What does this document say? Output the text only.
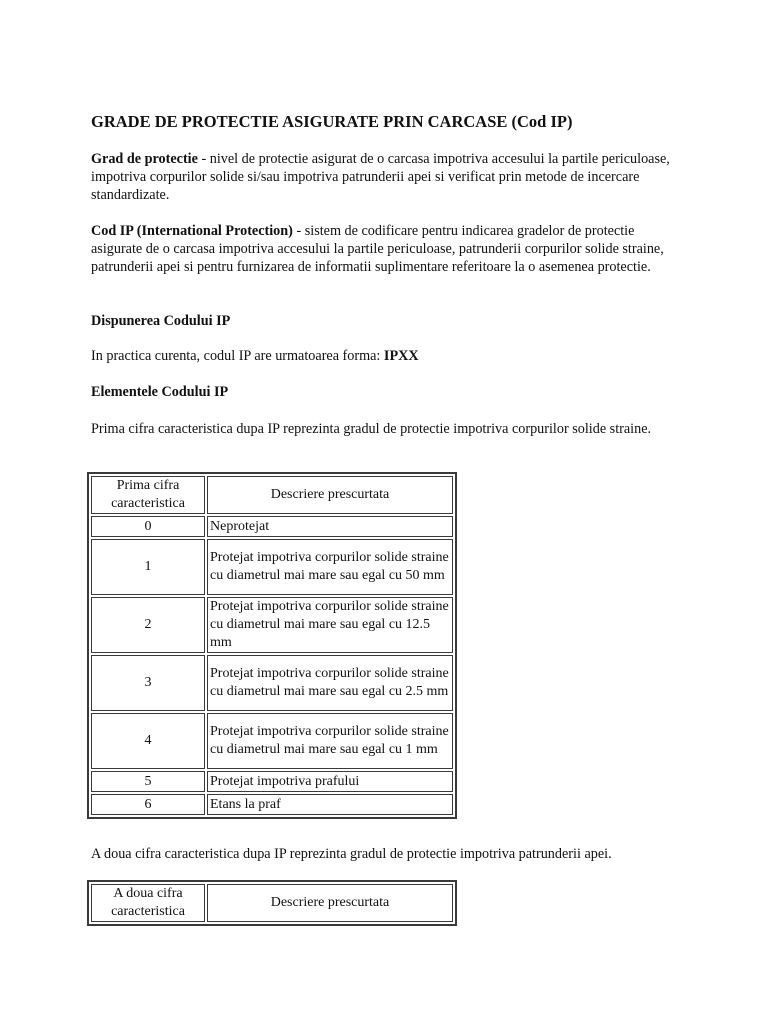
GRADE DE PROTECTIE ASIGURATE PRIN CARCASE (Cod IP)

Grad de protectie - nivel de protectie asigurat de o carcasa impotriva accesului la partile periculoase, impotriva corpurilor solide si/sau impotriva patrunderii apei si verificat prin metode de incercare standardizate.

Cod IP (International Protection) - sistem de codificare pentru indicarea gradelor de protectie asigurate de o carcasa impotriva accesului la partile periculoase, patrunderii corpurilor solide straine, patrunderii apei si pentru furnizarea de informatii suplimentare referitoare la o asemenea protectie.

Dispunerea Codului IP

In practica curenta, codul IP are urmatoarea forma: IPXX

Elementele Codului IP

Prima cifra caracteristica dupa IP reprezinta gradul de protectie impotriva corpurilor solide straine.

Prima cifra caracteristica	Descriere prescurtata
0	Neprotejat
1	Protejat impotriva corpurilor solide straine cu diametrul mai mare sau egal cu 50 mm
2	Protejat impotriva corpurilor solide straine cu diametrul mai mare sau egal cu 12.5 mm
3	Protejat impotriva corpurilor solide straine cu diametrul mai mare sau egal cu 2.5 mm
4	Protejat impotriva corpurilor solide straine cu diametrul mai mare sau egal cu 1 mm
5	Protejat impotriva prafului
6	Etans la praf

A doua cifra caracteristica dupa IP reprezinta gradul de protectie impotriva patrunderii apei.

A doua cifra caracteristica	Descriere prescurtata
